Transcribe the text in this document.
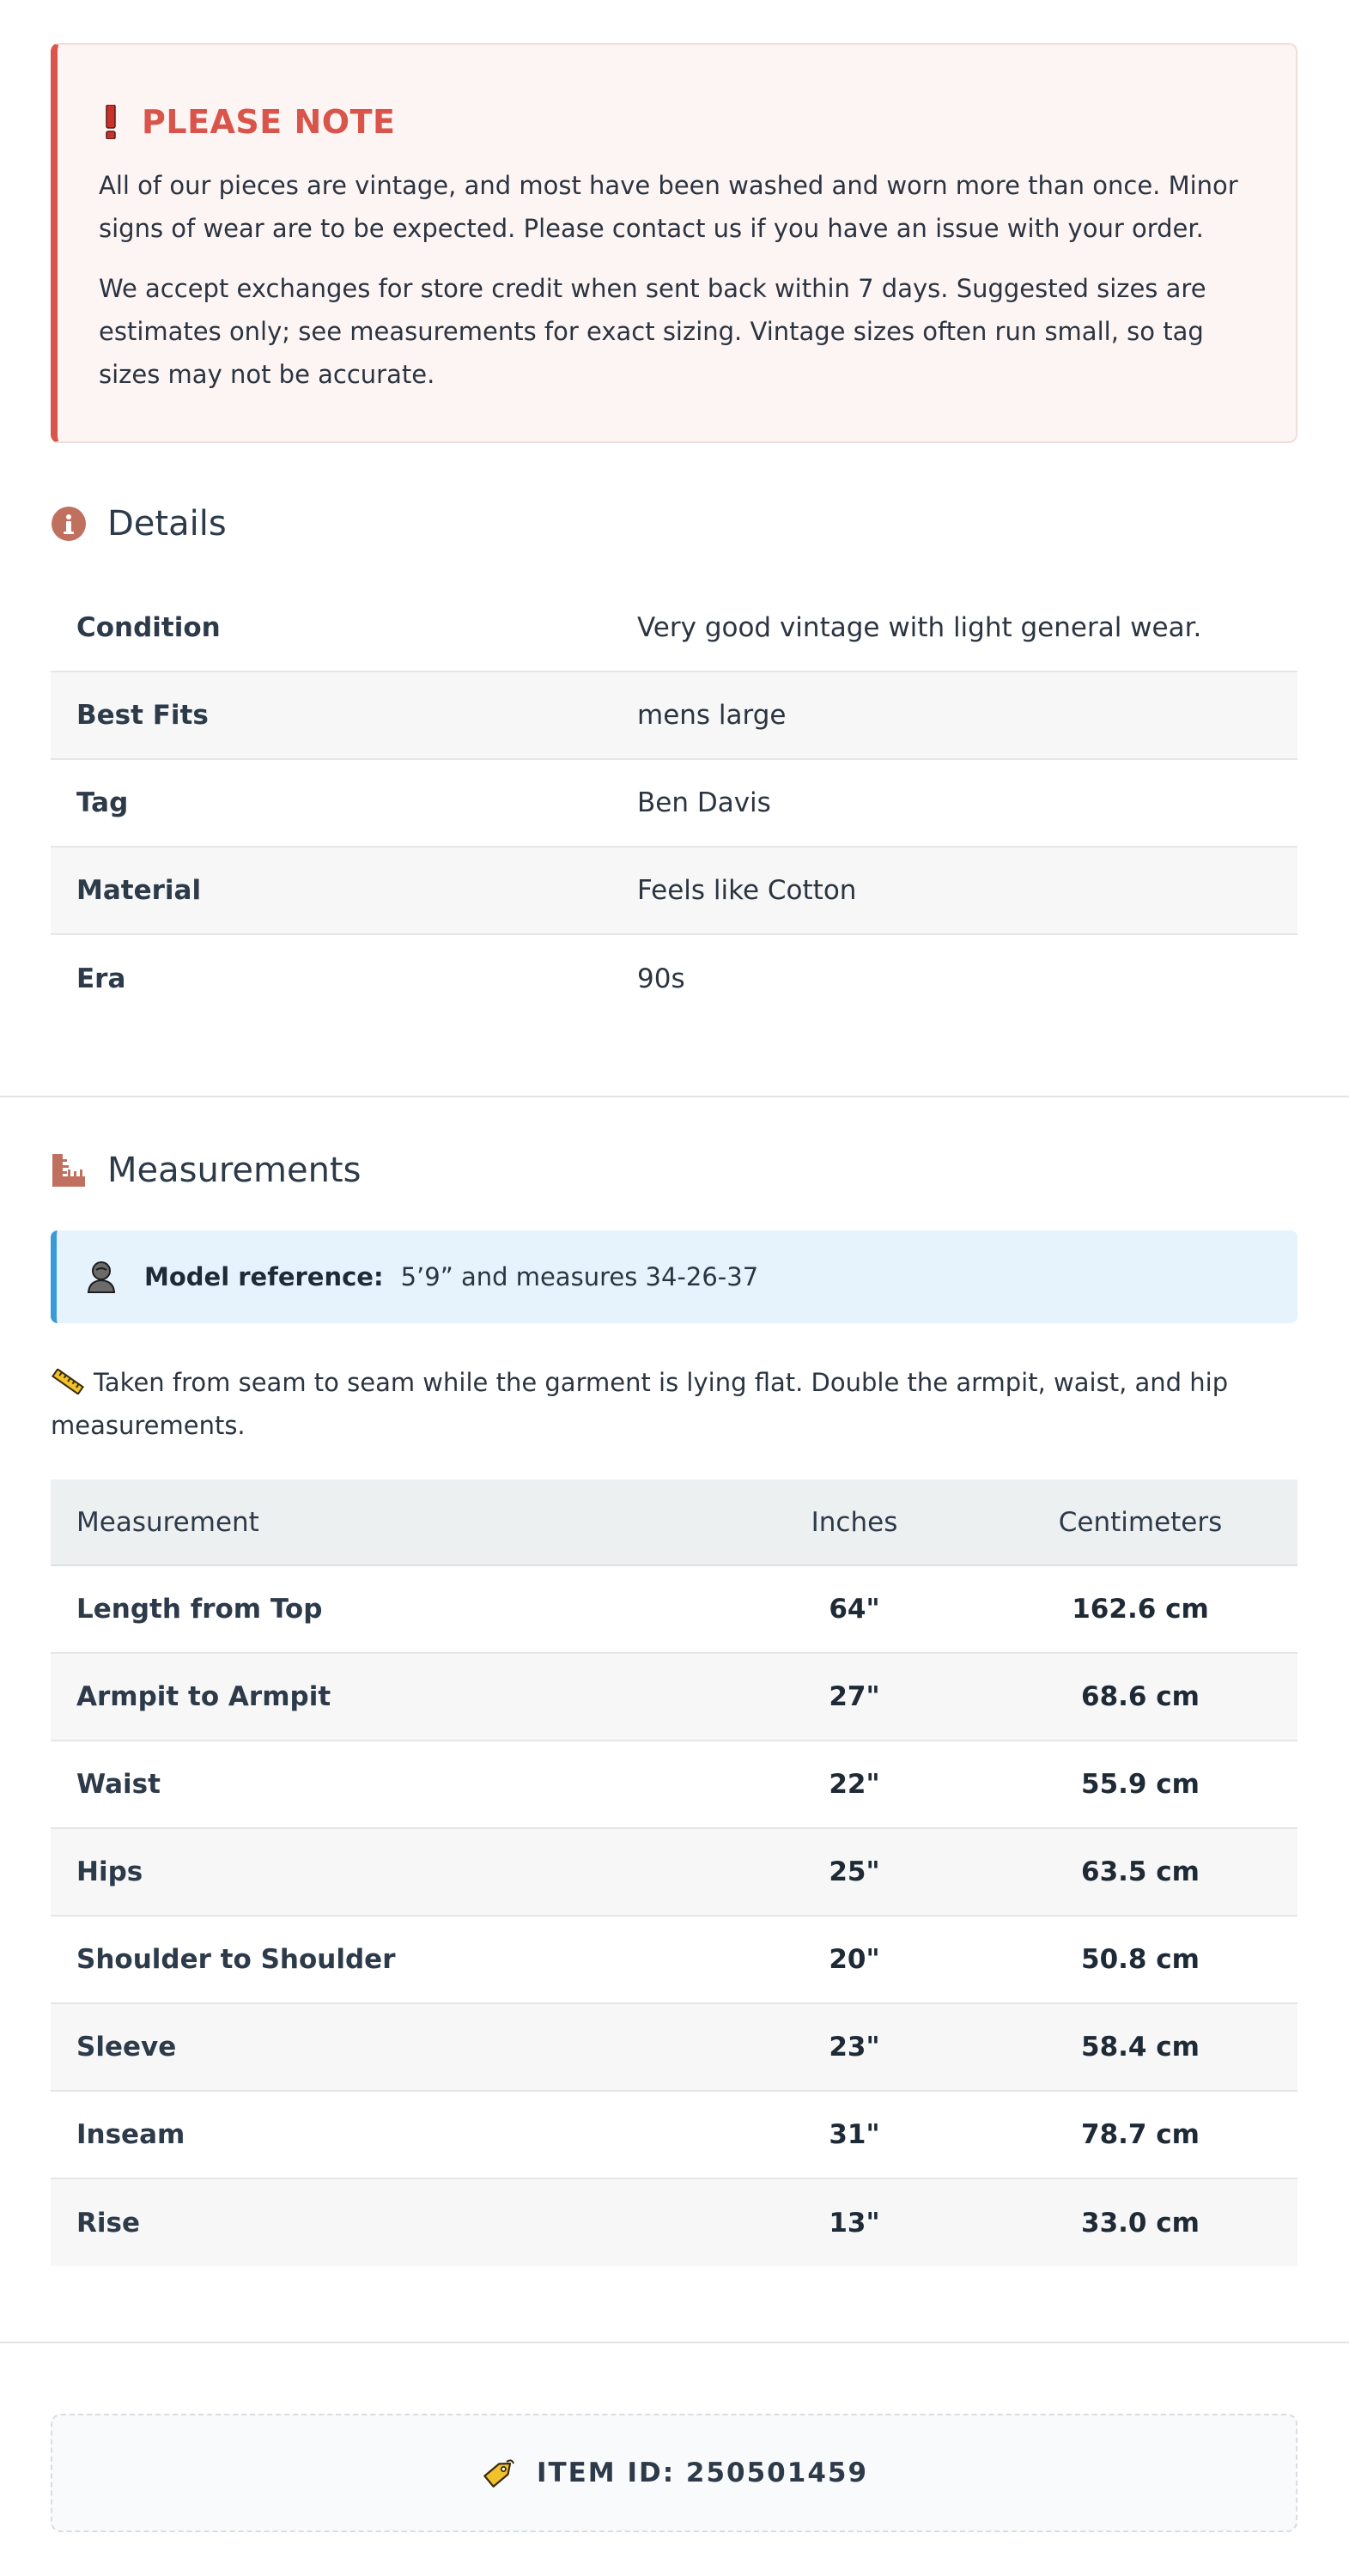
PLEASE NOTE

All of our pieces are vintage, and most have been washed and worn more than once. Minor signs of wear are to be expected. Please contact us if you have an issue with your order.

We accept exchanges for store credit when sent back within 7 days. Suggested sizes are estimates only; see measurements for exact sizing. Vintage sizes often run small, so tag sizes may not be accurate.

Details
Condition	Very good vintage with light general wear.
Best Fits	mens large
Tag	Ben Davis
Material	Feels like Cotton
Era	90s
Measurements
Model reference: 5’9” and measures 34-26-37

Taken from seam to seam while the garment is lying flat. Double the armpit, waist, and hip measurements.

Measurement	Inches	Centimeters
Length from Top	64"	162.6 cm
Armpit to Armpit	27"	68.6 cm
Waist	22"	55.9 cm
Hips	25"	63.5 cm
Shoulder to Shoulder	20"	50.8 cm
Sleeve	23"	58.4 cm
Inseam	31"	78.7 cm
Rise	13"	33.0 cm
ITEM ID: 250501459
